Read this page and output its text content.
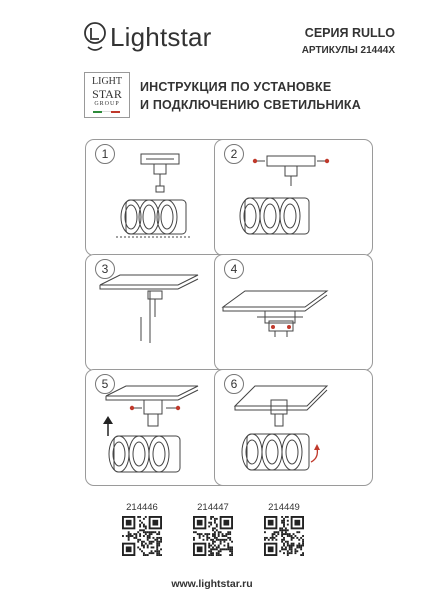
Lightstar	СЕРИЯ RULLO
АРТИКУЛЫ 21444X
LIGHT
STAR
GROUP
ИНСТРУКЦИЯ ПО УСТАНОВКЕ
И ПОДКЛЮЧЕНИЮ СВЕТИЛЬНИКА
1	2
3	4
5	6
214446	214447	214449
www.lightstar.ru
